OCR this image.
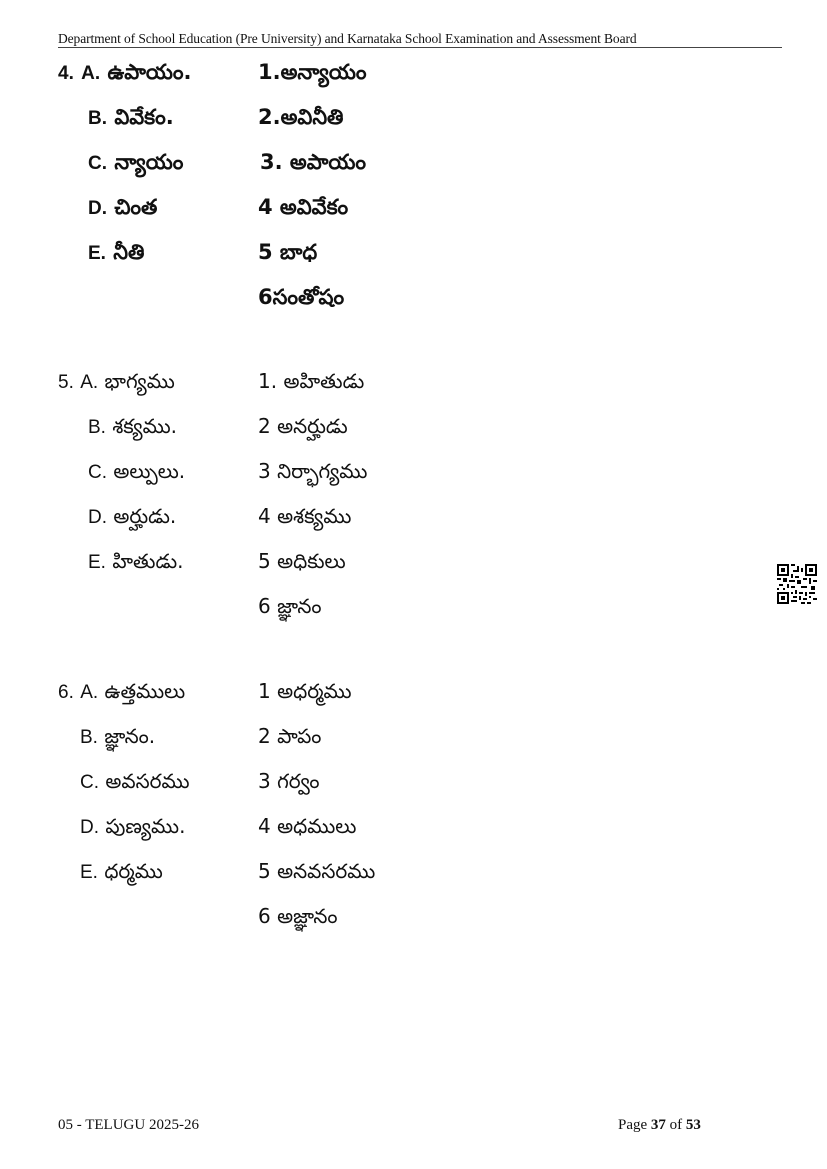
Department of School Education (Pre University) and Karnataka School Examination and Assessment Board
4. A. ఉపాయం.
B. వివేకం.
C. న్యాయం
D. చింత
E. నీతి
1.అన్యాయం
2.అవినీతి
3. అపాయం
4 అవివేకం
5 బాధ
6సంతోషం
5. A. భాగ్యము
B. శక్యము.
C. అల్పులు.
D. అర్హుడు.
E. హితుడు.
1. అహితుడు
2 అనర్హుడు
3 నిర్భాగ్యము
4 అశక్యము
5 అధికులు
6 జ్ఞానం
6. A. ఉత్తములు
B. జ్ఞానం.
C. అవసరము
D. పుణ్యము.
E. ధర్మము
1 అధర్మము
2 పాపం
3 గర్వం
4 అధములు
5 అనవసరము
6 అజ్ఞానం
05 - TELUGU 2025-26	Page 37 of 53
